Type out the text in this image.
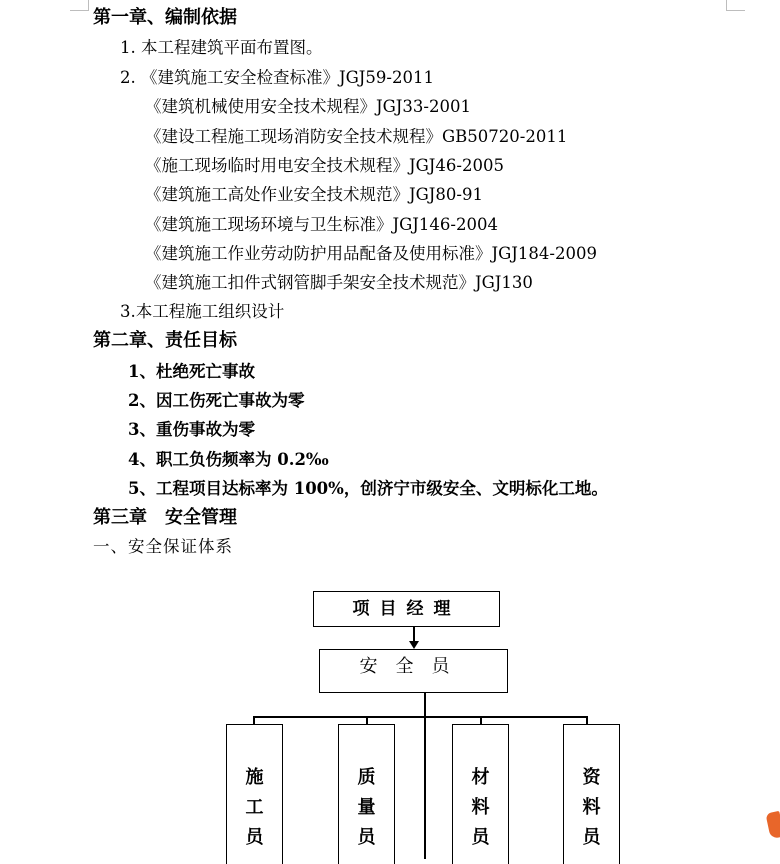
第一章、编制依据
1. 本工程建筑平面布置图。
2. 《建筑施工安全检查标准》JGJ59-2011
《建筑机械使用安全技术规程》JGJ33-2001
《建设工程施工现场消防安全技术规程》GB50720-2011
《施工现场临时用电安全技术规程》JGJ46-2005
《建筑施工高处作业安全技术规范》JGJ80-91
《建筑施工现场环境与卫生标准》JGJ146-2004
《建筑施工作业劳动防护用品配备及使用标准》JGJ184-2009
《建筑施工扣件式钢管脚手架安全技术规范》JGJ130
3.本工程施工组织设计
第二章、责任目标
1、杜绝死亡事故
2、因工伤死亡事故为零
3、重伤事故为零
4、职工负伤频率为 0.2‰
5、工程项目达标率为 100%，创济宁市级安全、文明标化工地。
第三章　安全管理
一、安全保证体系
项目经理
安全员
施
工
员
质
量
员
材
料
员
资
料
员
